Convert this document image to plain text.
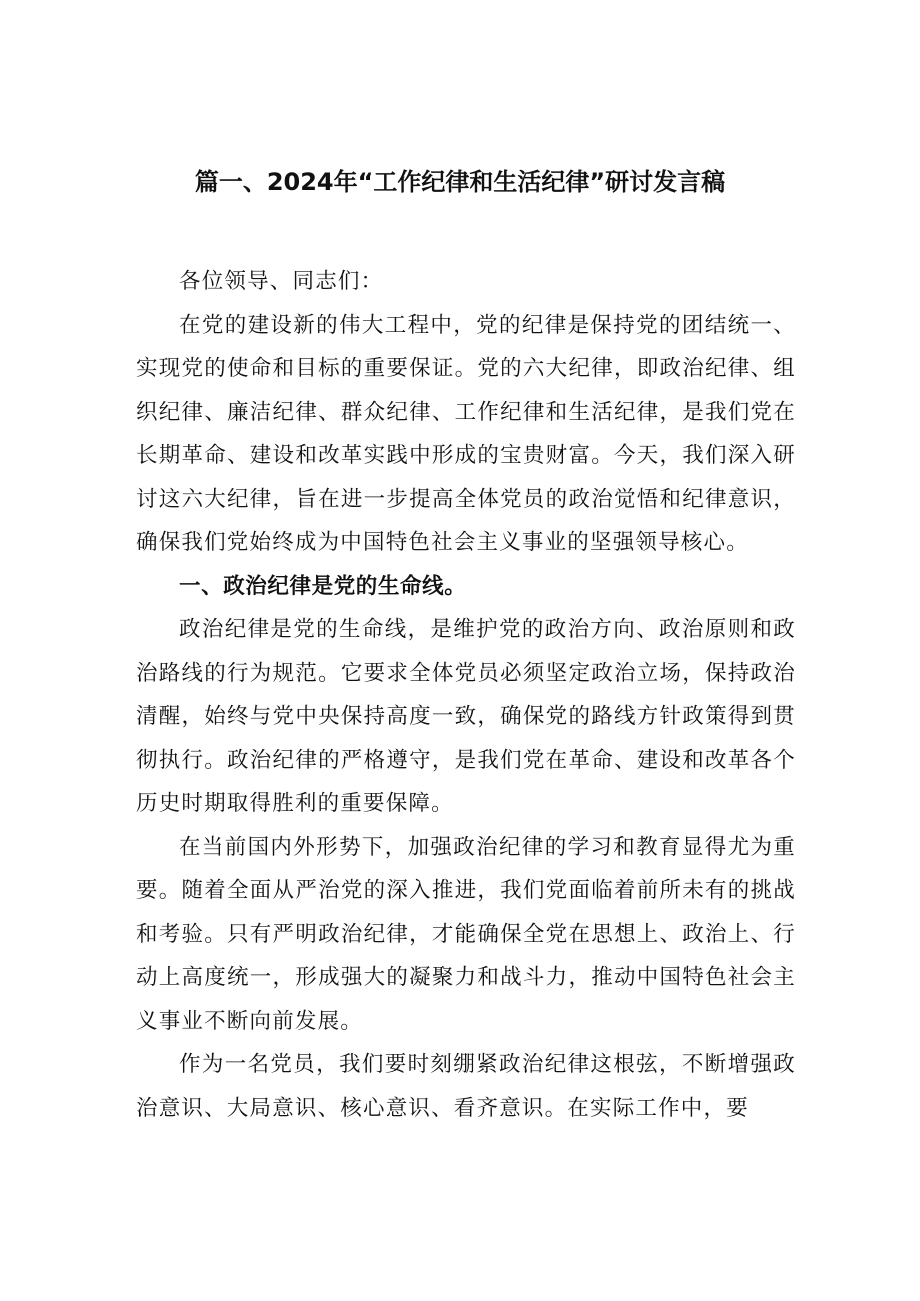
篇一、2024年“工作纪律和生活纪律”研讨发言稿

各位领导、同志们：

在党的建设新的伟大工程中，党的纪律是保持党的团结统一、实现党的使命和目标的重要保证。党的六大纪律，即政治纪律、组织纪律、廉洁纪律、群众纪律、工作纪律和生活纪律，是我们党在长期革命、建设和改革实践中形成的宝贵财富。今天，我们深入研讨这六大纪律，旨在进一步提高全体党员的政治觉悟和纪律意识，确保我们党始终成为中国特色社会主义事业的坚强领导核心。

一、政治纪律是党的生命线。

政治纪律是党的生命线，是维护党的政治方向、政治原则和政治路线的行为规范。它要求全体党员必须坚定政治立场，保持政治清醒，始终与党中央保持高度一致，确保党的路线方针政策得到贯彻执行。政治纪律的严格遵守，是我们党在革命、建设和改革各个历史时期取得胜利的重要保障。

在当前国内外形势下，加强政治纪律的学习和教育显得尤为重要。随着全面从严治党的深入推进，我们党面临着前所未有的挑战和考验。只有严明政治纪律，才能确保全党在思想上、政治上、行动上高度统一，形成强大的凝聚力和战斗力，推动中国特色社会主义事业不断向前发展。

作为一名党员，我们要时刻绷紧政治纪律这根弦，不断增强政治意识、大局意识、核心意识、看齐意识。在实际工作中，要
